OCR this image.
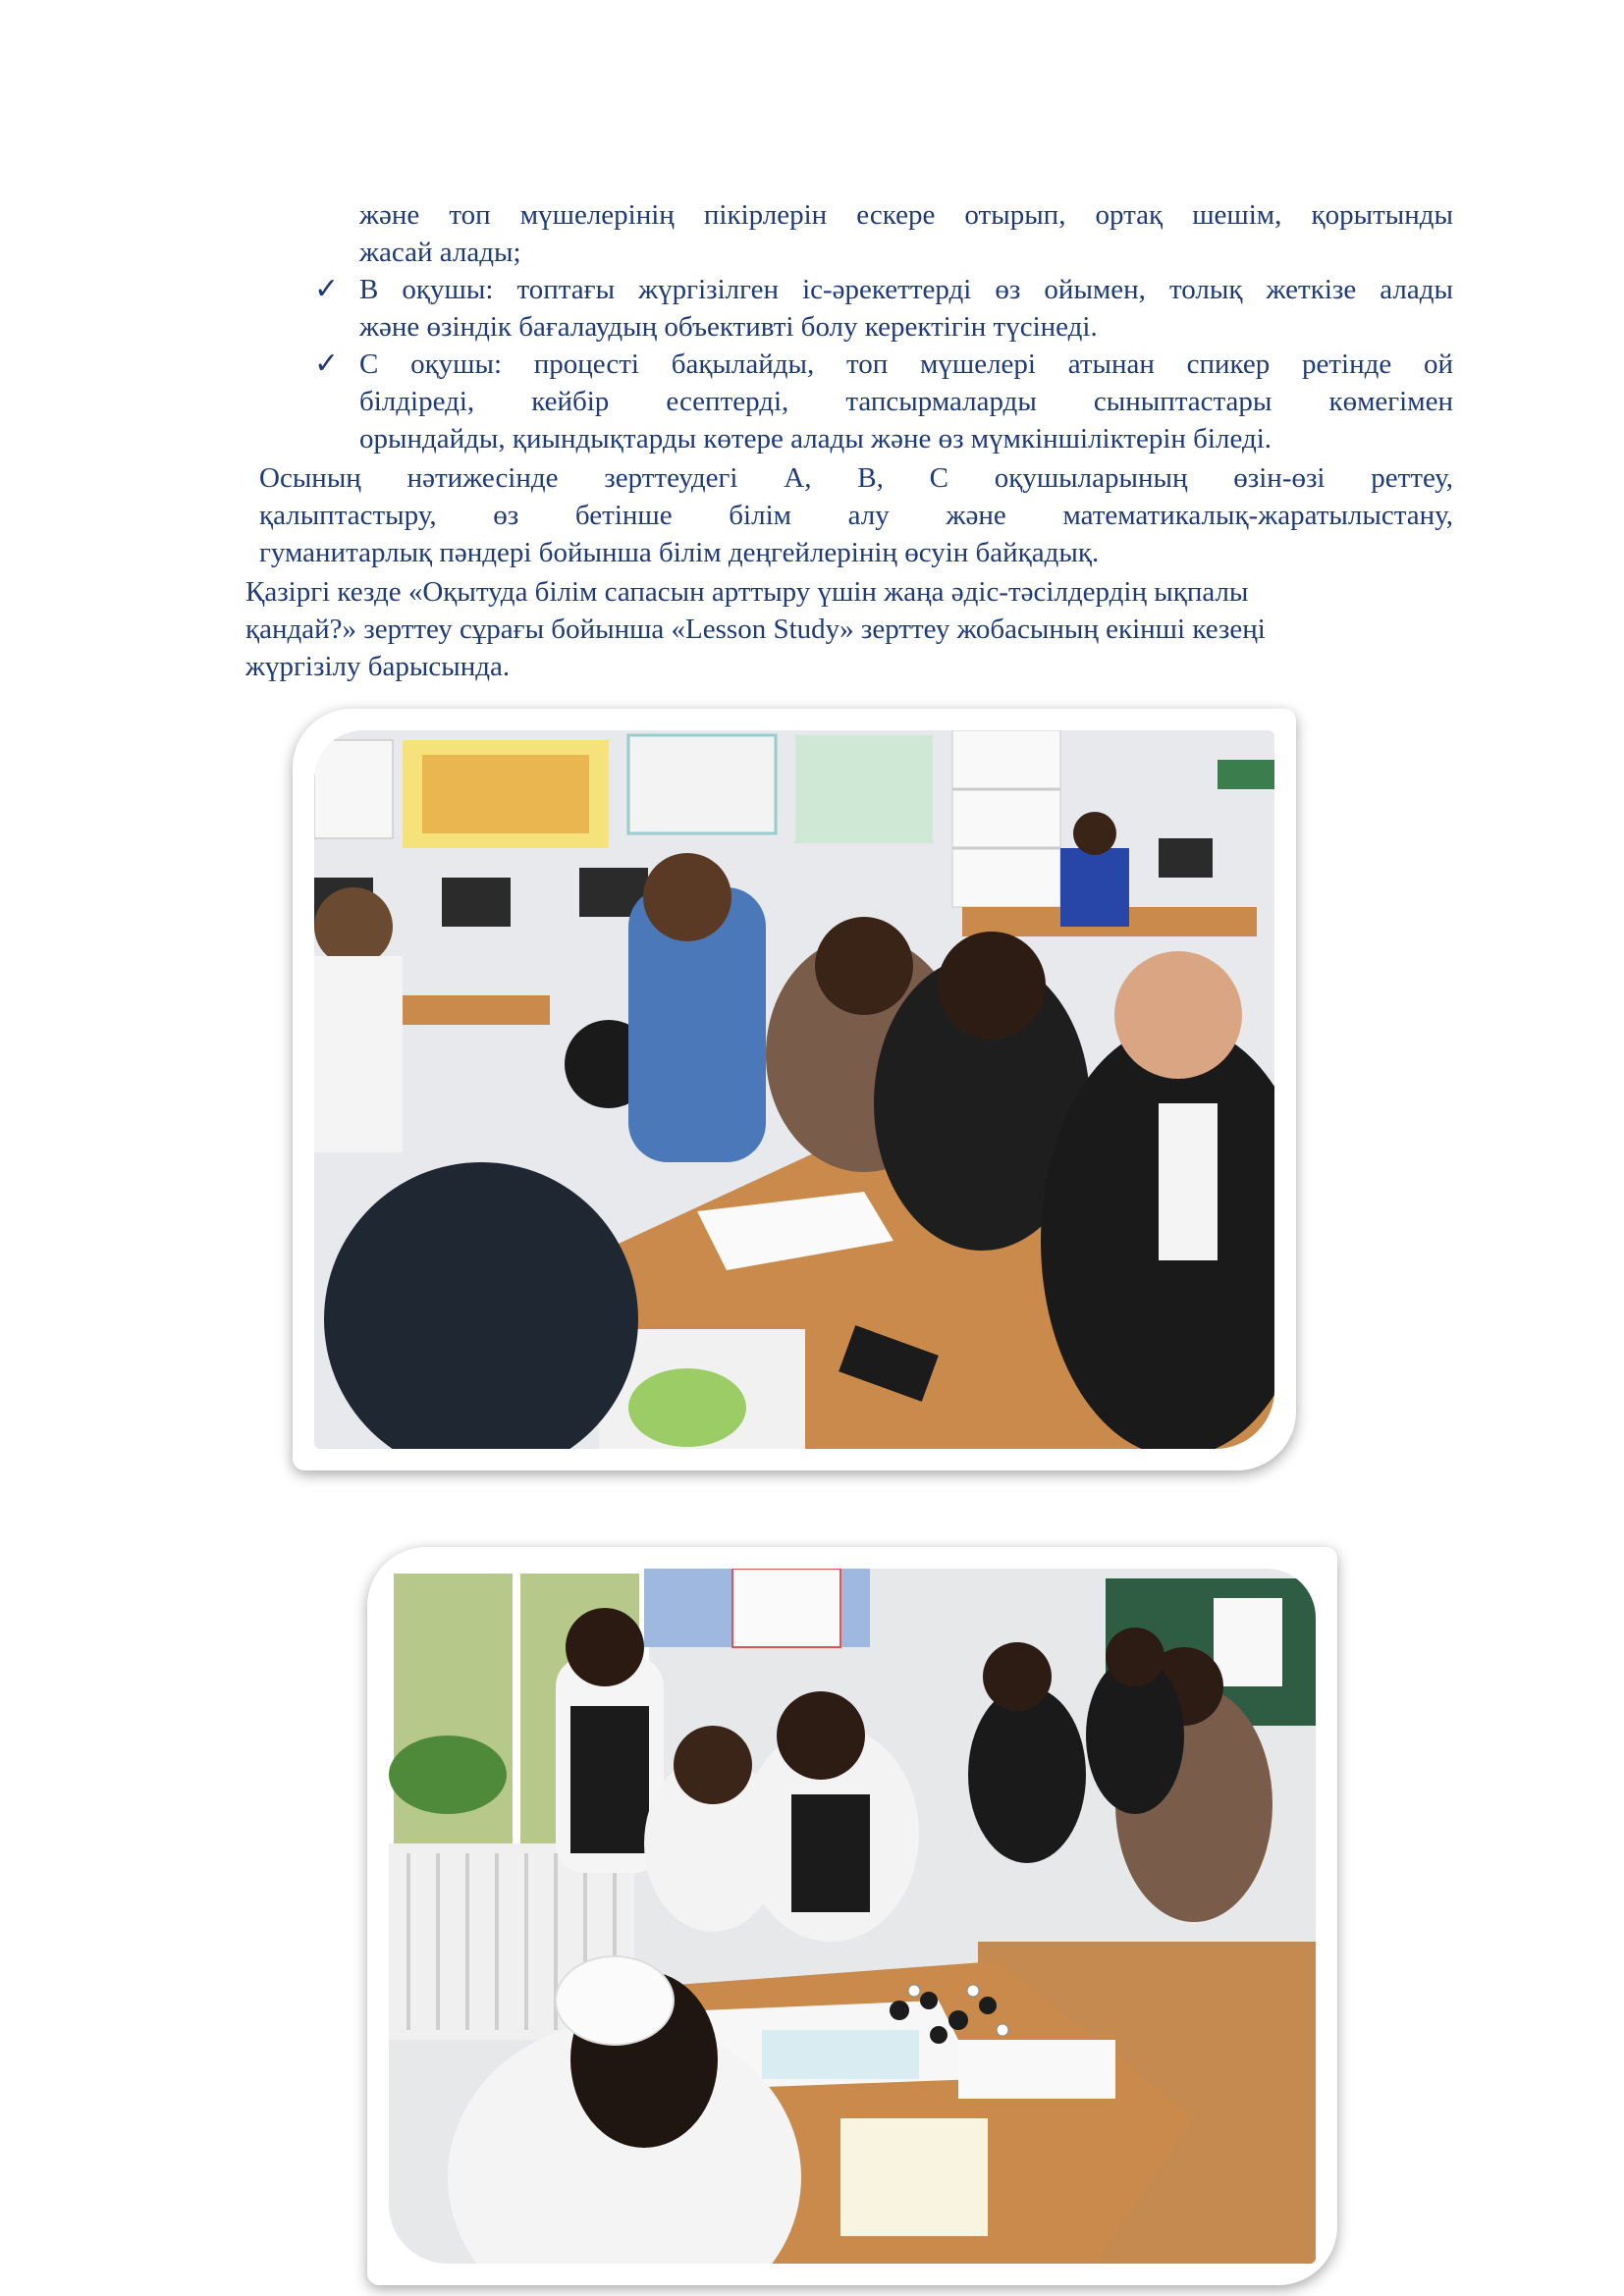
және топ мүшелерінің пікірлерін ескере отырып, ортақ шешім, қорытынды
жасай алады;
✓ В оқушы: топтағы жүргізілген іс-әрекеттерді өз ойымен, толық жеткізе алады
және өзіндік бағалаудың объективті болу керектігін түсінеді.
✓ С оқушы: процесті бақылайды, топ мүшелері атынан спикер ретінде ой
білдіреді, кейбір есептерді, тапсырмаларды сыныптастары көмегімен
орындайды, қиындықтарды көтере алады және өз мүмкіншіліктерін біледі.
Осының нәтижесінде зерттеудегі А, В, С оқушыларының өзін-өзі реттеу,
қалыптастыру, өз бетінше білім алу және математикалық-жаратылыстану,
гуманитарлық пәндері бойынша білім деңгейлерінің өсуін байқадық.
Қазіргі кезде «Оқытуда білім сапасын арттыру үшін жаңа әдіс-тәсілдердің ықпалы
қандай?» зерттеу сұрағы бойынша «Lesson Study» зерттеу жобасының екінші кезеңі
жүргізілу барысында.
